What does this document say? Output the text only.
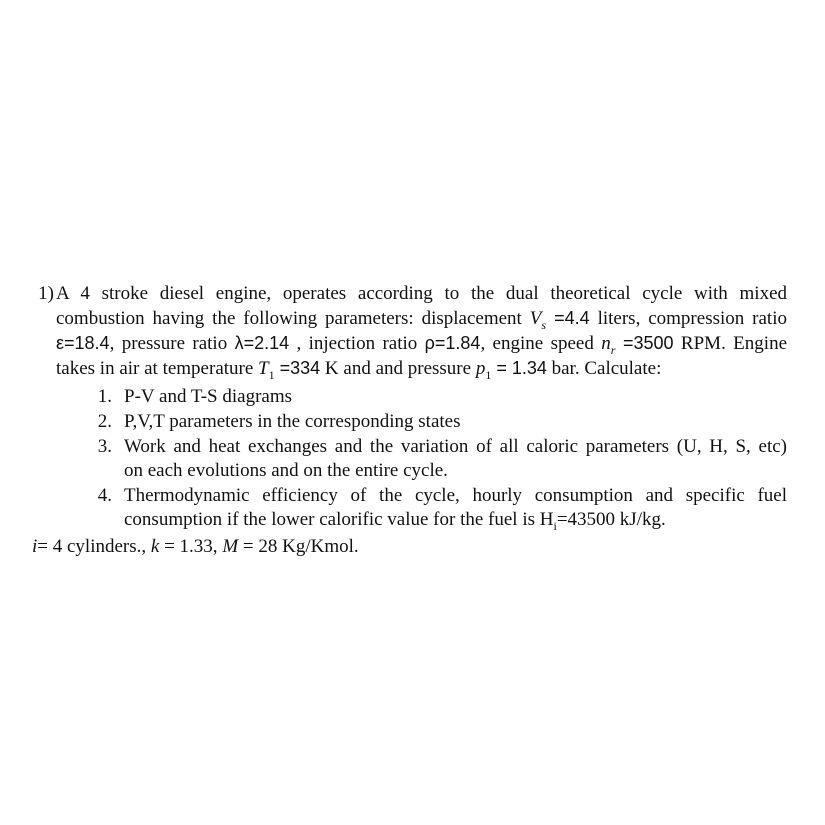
1) A 4 stroke diesel engine, operates according to the dual theoretical cycle with mixed
combustion having the following parameters: displacement $V_s =4.4$ liters, compression ratio
ε=18.4, pressure ratio λ=2.14 , injection ratio ρ=1.84, engine speed $n_r =3500$ RPM. Engine
takes in air at temperature $T_1 =334$ K and and pressure $p_1 = 1.34$ bar. Calculate:
1. P-V and T-S diagrams
2. P,V,T parameters in the corresponding states
3. Work and heat exchanges and the variation of all caloric parameters (U, H, S, etc)
on each evolutions and on the entire cycle.
4. Thermodynamic efficiency of the cycle, hourly consumption and specific fuel
consumption if the lower calorific value for the fuel is $H_i=43500$ kJ/kg.
i= 4 cylinders., k = 1.33, M = 28 Kg/Kmol.
